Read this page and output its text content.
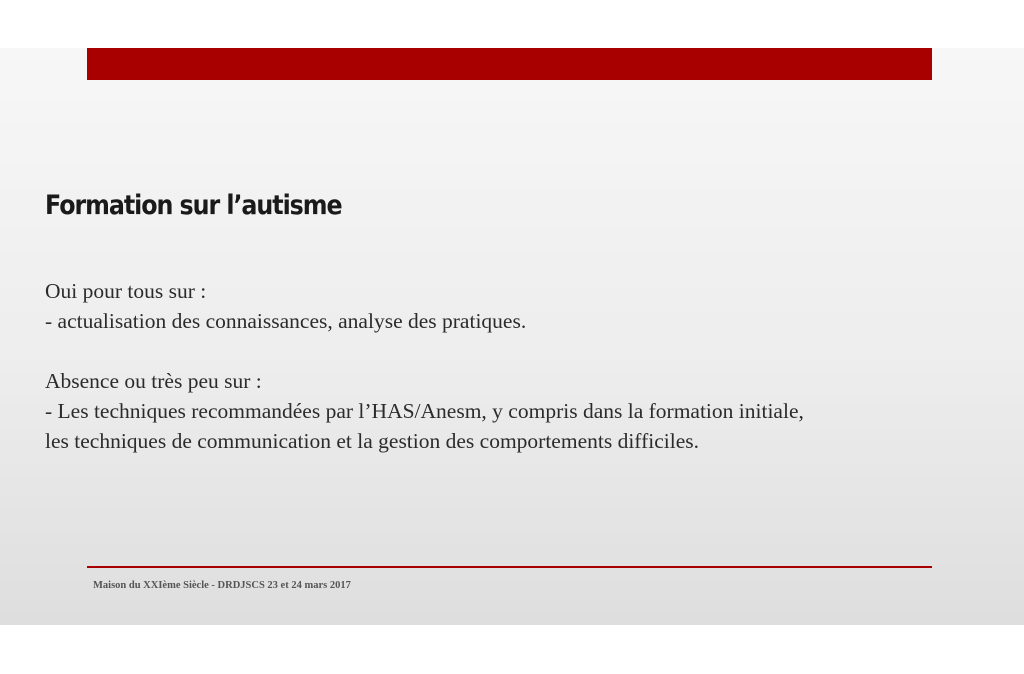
Formation sur l’autisme
Oui pour tous sur :
- actualisation des connaissances, analyse des pratiques.
Absence ou très peu sur :
- Les techniques recommandées par l’HAS/Anesm, y compris dans la formation initiale,
les techniques de communication et la gestion des comportements difficiles.
Maison du XXIème Siècle - DRDJSCS 23 et 24 mars 2017
